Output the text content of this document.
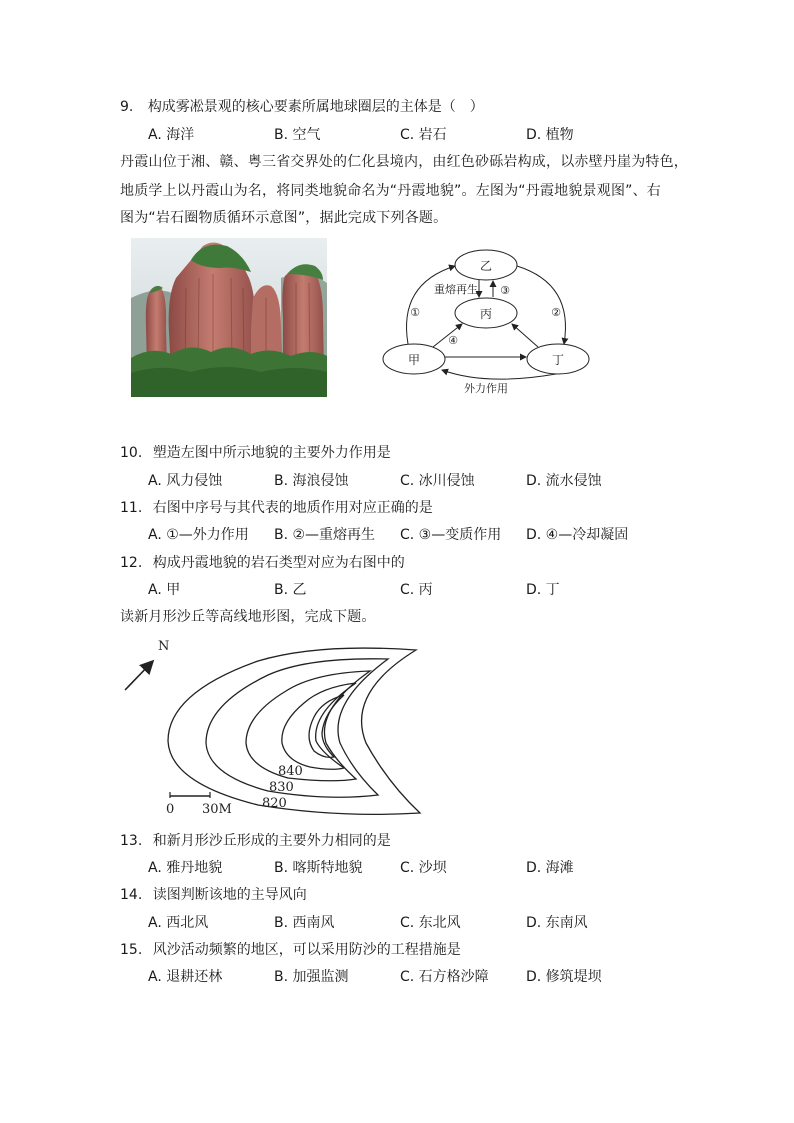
9. 构成雾凇景观的核心要素所属地球圈层的主体是（　）
A. 海洋	B. 空气	C. 岩石	D. 植物
丹霞山位于湘、赣、粤三省交界处的仁化县境内，由红色砂砾岩构成，以赤壁丹崖为特色，
地质学上以丹霞山为名，将同类地貌命名为“丹霞地貌”。左图为“丹霞地貌景观图”、右
图为“岩石圈物质循环示意图”，据此完成下列各题。
乙
丙
甲	丁
重熔再生
外力作用
①	②
③
④
10. 塑造左图中所示地貌的主要外力作用是
A. 风力侵蚀	B. 海浪侵蚀	C. 冰川侵蚀	D. 流水侵蚀
11. 右图中序号与其代表的地质作用对应正确的是
A. ①—外力作用 B. ②—重熔再生 C. ③—变质作用 D. ④—冷却凝固
12. 构成丹霞地貌的岩石类型对应为右图中的
A. 甲	B. 乙	C. 丙	D. 丁
读新月形沙丘等高线地形图，完成下题。
N
840
830
820
0 30M
13. 和新月形沙丘形成的主要外力相同的是
A. 雅丹地貌	B. 喀斯特地貌	C. 沙坝	D. 海滩
14. 读图判断该地的主导风向
A. 西北风	B. 西南风	C. 东北风	D. 东南风
15. 风沙活动频繁的地区，可以采用防沙的工程措施是
A. 退耕还林	B. 加强监测	C. 石方格沙障	D. 修筑堤坝
